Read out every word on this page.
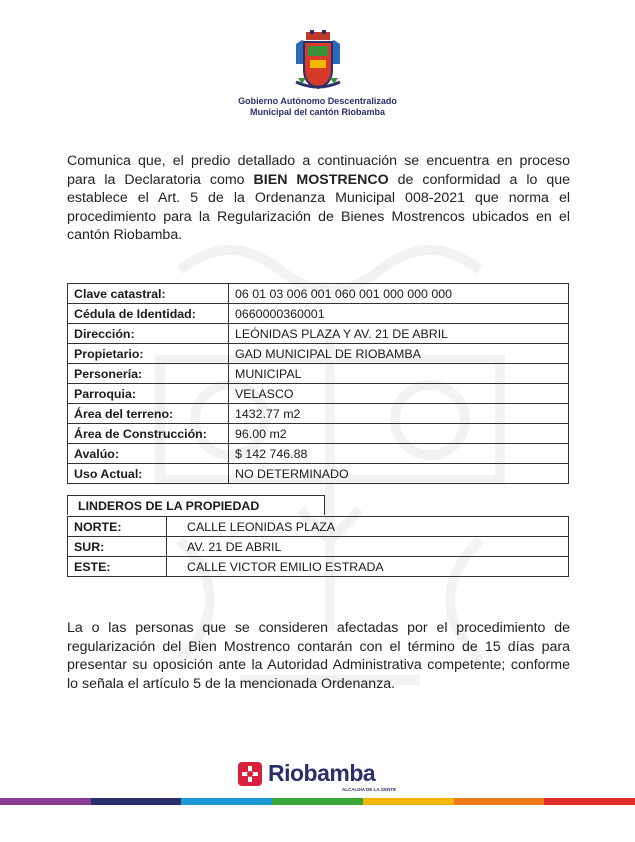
Gobierno Autónomo Descentralizado
Municipal del cantón Riobamba
Comunica que, el predio detallado a continuación se encuentra en proceso para la Declaratoria como BIEN MOSTRENCO de conformidad a lo que establece el Art. 5 de la Ordenanza Municipal 008-2021 que norma el procedimiento para la Regularización de Bienes Mostrencos ubicados en el cantón Riobamba.
Clave catastral:	06 01 03 006 001 060 001 000 000 000
Cédula de Identidad:	0660000360001
Dirección:	LEÓNIDAS PLAZA Y AV. 21 DE ABRIL
Propietario:	GAD MUNICIPAL DE RIOBAMBA
Personería:	MUNICIPAL
Parroquia:	VELASCO
Área del terreno:	1432.77 m2
Área de Construcción:	96.00 m2
Avalúo:	$ 142 746.88
Uso Actual:	NO DETERMINADO
LINDEROS DE LA PROPIEDAD
NORTE:	CALLE LEONIDAS PLAZA
SUR:	AV. 21 DE ABRIL
ESTE:	CALLE VICTOR EMILIO ESTRADA
La o las personas que se consideren afectadas por el procedimiento de regularización del Bien Mostrenco contarán con el término de 15 días para presentar su oposición ante la Autoridad Administrativa competente; conforme lo señala el artículo 5 de la mencionada Ordenanza.
Riobamba
ALCALDÍA DE LA GENTE
